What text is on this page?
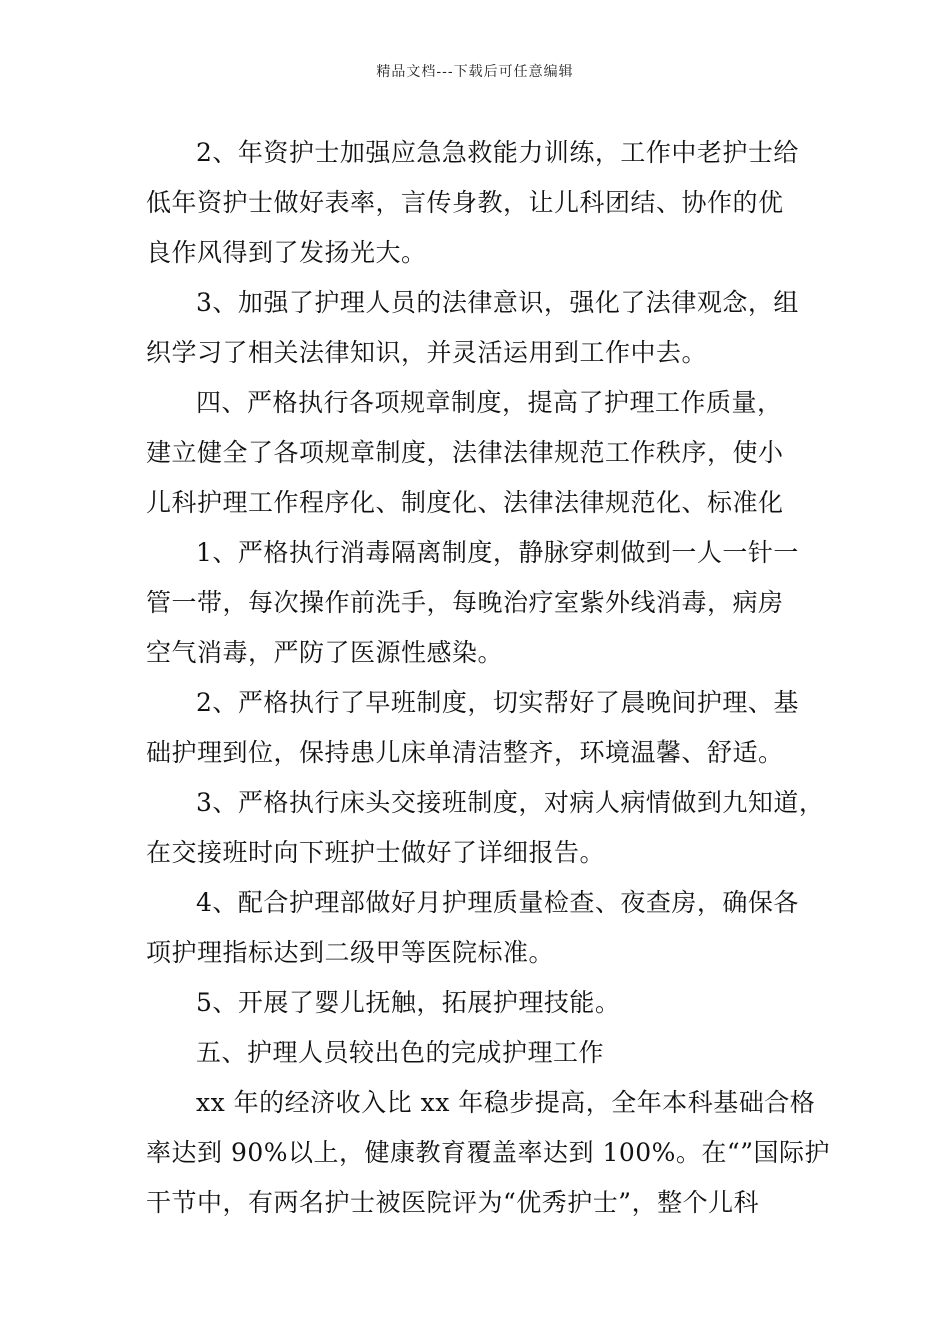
精品文档---下载后可任意编辑
2、年资护士加强应急急救能力训练，工作中老护士给
低年资护士做好表率，言传身教，让儿科团结、协作的优
良作风得到了发扬光大。
3、加强了护理人员的法律意识，强化了法律观念，组
织学习了相关法律知识，并灵活运用到工作中去。
四、严格执行各项规章制度，提高了护理工作质量，
建立健全了各项规章制度，法律法律规范工作秩序，使小
儿科护理工作程序化、制度化、法律法律规范化、标准化
1、严格执行消毒隔离制度，静脉穿刺做到一人一针一
管一带，每次操作前洗手，每晚治疗室紫外线消毒，病房
空气消毒，严防了医源性感染。
2、严格执行了早班制度，切实帮好了晨晚间护理、基
础护理到位，保持患儿床单清洁整齐，环境温馨、舒适。
3、严格执行床头交接班制度，对病人病情做到九知道，
在交接班时向下班护士做好了详细报告。
4、配合护理部做好月护理质量检查、夜查房，确保各
项护理指标达到二级甲等医院标准。
5、开展了婴儿抚触，拓展护理技能。
五、护理人员较出色的完成护理工作
xx 年的经济收入比 xx 年稳步提高，全年本科基础合格
率达到 90%以上，健康教育覆盖率达到 100%。在“”国际护
干节中，有两名护士被医院评为“优秀护士”，整个儿科
